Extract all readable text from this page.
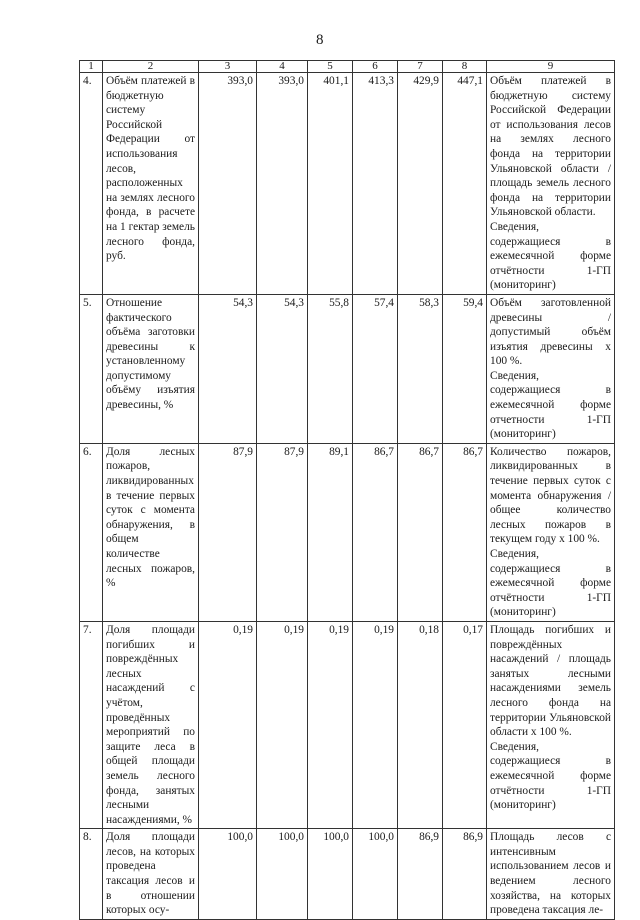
8
1	2	3	4	5	6	7	8	9
4.	Объём платежей в бюджетную систему Российской Федерации от использования лесов, расположенных на землях лесного фонда, в расчете на 1 гектар земель лесного фонда, руб.	393,0	393,0	401,1	413,3	429,9	447,1	Объём платежей в бюджетную систему Российской Федерации от использования лесов на землях лесного фонда на территории Ульяновской области / площадь земель лесного фонда на территории Ульяновской области.
Сведения, содержащиеся в ежемесячной форме отчётности 1-ГП (мониторинг)

5.	Отношение фактического объёма заготовки древесины к установленному допустимому объёму изъятия древесины, %	54,3	54,3	55,8	57,4	58,3	59,4	Объём заготовленной древесины / допустимый объём изъятия древесины х 100 %.
Сведения, содержащиеся в ежемесячной форме отчетности 1-ГП (мониторинг)

6.	Доля лесных пожаров, ликвидированных в течение первых суток с момента обнаружения, в общем количестве лесных пожаров, %	87,9	87,9	89,1	86,7	86,7	86,7	Количество пожаров, ликвидированных в течение первых суток с момента обнаружения / общее количество лесных пожаров в текущем году х 100 %.
Сведения, содержащиеся в ежемесячной форме отчётности 1-ГП (мониторинг)

7.	Доля площади погибших и повреждённых лесных насаждений с учётом, проведённых мероприятий по защите леса в общей площади земель лесного фонда, занятых лесными насаждениями, %	0,19	0,19	0,19	0,19	0,18	0,17	Площадь погибших и повреждённых насаждений / площадь занятых лесными насаждениями земель лесного фонда на территории Ульяновской области х 100 %.
Сведения, содержащиеся в ежемесячной форме отчётности 1-ГП (мониторинг)

8.	Доля площади лесов, на которых проведена таксация лесов и в отношении которых осу-	100,0	100,0	100,0	100,0	86,9	86,9	Площадь лесов с интенсивным использованием лесов и ведением лесного хозяйства, на которых проведена таксация ле-
